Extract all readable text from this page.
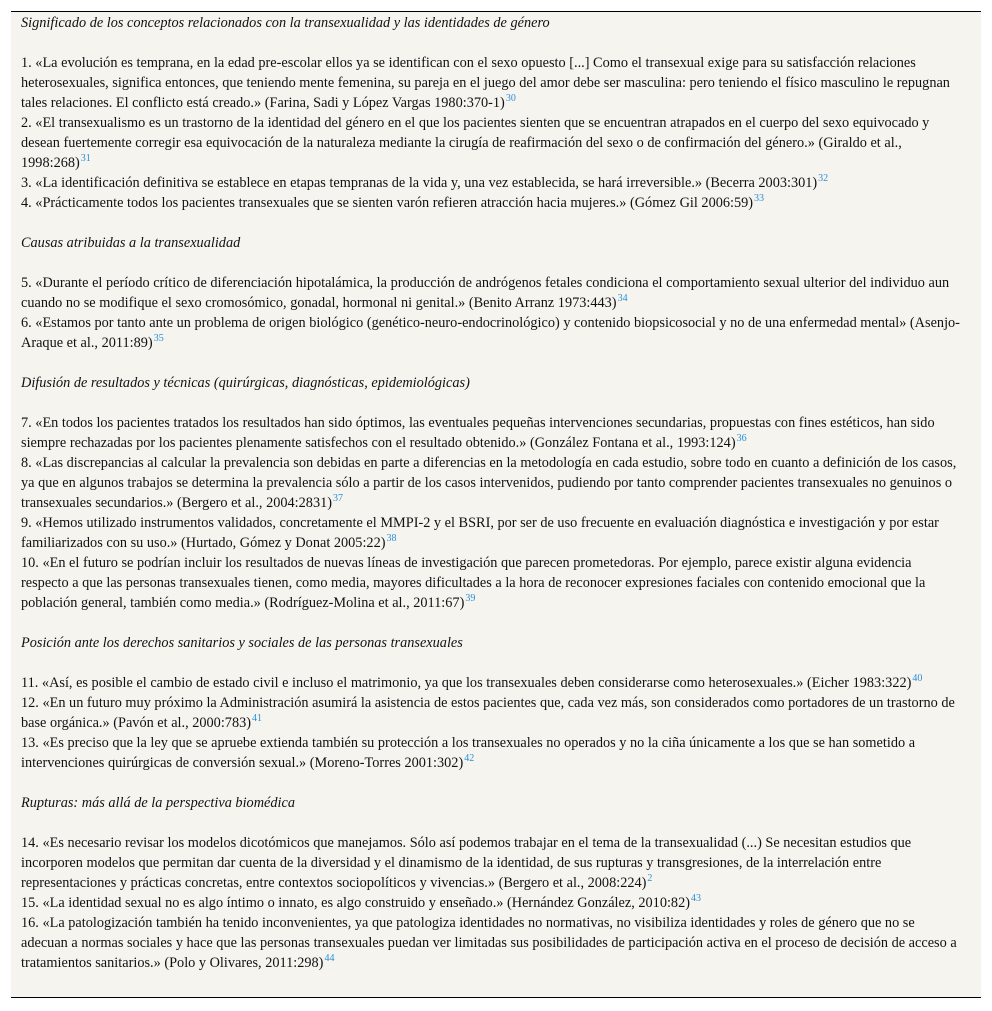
Significado de los conceptos relacionados con la transexualidad y las identidades de género

1. «La evolución es temprana, en la edad pre-escolar ellos ya se identifican con el sexo opuesto [...] Como el transexual exige para su satisfacción relaciones heterosexuales, significa entonces, que teniendo mente femenina, su pareja en el juego del amor debe ser masculina: pero teniendo el físico masculino le repugnan tales relaciones. El conflicto está creado.» (Farina, Sadi y López Vargas 1980:370-1)$^{30}$

2. «El transexualismo es un trastorno de la identidad del género en el que los pacientes sienten que se encuentran atrapados en el cuerpo del sexo equivocado y desean fuertemente corregir esa equivocación de la naturaleza mediante la cirugía de reafirmación del sexo o de confirmación del género.» (Giraldo et al., 1998:268)$^{31}$

3. «La identificación definitiva se establece en etapas tempranas de la vida y, una vez establecida, se hará irreversible.» (Becerra 2003:301)$^{32}$

4. «Prácticamente todos los pacientes transexuales que se sienten varón refieren atracción hacia mujeres.» (Gómez Gil 2006:59)$^{33}$

Causas atribuidas a la transexualidad

5. «Durante el período crítico de diferenciación hipotalámica, la producción de andrógenos fetales condiciona el comportamiento sexual ulterior del individuo aun cuando no se modifique el sexo cromosómico, gonadal, hormonal ni genital.» (Benito Arranz 1973:443)$^{34}$

6. «Estamos por tanto ante un problema de origen biológico (genético-neuro-endocrinológico) y contenido biopsicosocial y no de una enfermedad mental» (Asenjo- Araque et al., 2011:89)$^{35}$

Difusión de resultados y técnicas (quirúrgicas, diagnósticas, epidemiológicas)

7. «En todos los pacientes tratados los resultados han sido óptimos, las eventuales pequeñas intervenciones secundarias, propuestas con fines estéticos, han sido siempre rechazadas por los pacientes plenamente satisfechos con el resultado obtenido.» (González Fontana et al., 1993:124)$^{36}$

8. «Las discrepancias al calcular la prevalencia son debidas en parte a diferencias en la metodología en cada estudio, sobre todo en cuanto a definición de los casos, ya que en algunos trabajos se determina la prevalencia sólo a partir de los casos intervenidos, pudiendo por tanto comprender pacientes transexuales no genuinos o transexuales secundarios.» (Bergero et al., 2004:2831)$^{37}$

9. «Hemos utilizado instrumentos validados, concretamente el MMPI-2 y el BSRI, por ser de uso frecuente en evaluación diagnóstica e investigación y por estar familiarizados con su uso.» (Hurtado, Gómez y Donat 2005:22)$^{38}$

10. «En el futuro se podrían incluir los resultados de nuevas líneas de investigación que parecen prometedoras. Por ejemplo, parece existir alguna evidencia respecto a que las personas transexuales tienen, como media, mayores dificultades a la hora de reconocer expresiones faciales con contenido emocional que la población general, también como media.» (Rodríguez-Molina et al., 2011:67)$^{39}$

Posición ante los derechos sanitarios y sociales de las personas transexuales

11. «Así, es posible el cambio de estado civil e incluso el matrimonio, ya que los transexuales deben considerarse como heterosexuales.» (Eicher 1983:322)$^{40}$

12. «En un futuro muy próximo la Administración asumirá la asistencia de estos pacientes que, cada vez más, son considerados como portadores de un trastorno de base orgánica.» (Pavón et al., 2000:783)$^{41}$

13. «Es preciso que la ley que se apruebe extienda también su protección a los transexuales no operados y no la ciña únicamente a los que se han sometido a intervenciones quirúrgicas de conversión sexual.» (Moreno-Torres 2001:302)$^{42}$

Rupturas: más allá de la perspectiva biomédica

14. «Es necesario revisar los modelos dicotómicos que manejamos. Sólo así podemos trabajar en el tema de la transexualidad (...) Se necesitan estudios que incorporen modelos que permitan dar cuenta de la diversidad y el dinamismo de la identidad, de sus rupturas y transgresiones, de la interrelación entre representaciones y prácticas concretas, entre contextos sociopolíticos y vivencias.» (Bergero et al., 2008:224)$^2$

15. «La identidad sexual no es algo íntimo o innato, es algo construido y enseñado.» (Hernández González, 2010:82)$^{43}$

16. «La patologización también ha tenido inconvenientes, ya que patologiza identidades no normativas, no visibiliza identidades y roles de género que no se adecuan a normas sociales y hace que las personas transexuales puedan ver limitadas sus posibilidades de participación activa en el proceso de decisión de acceso a tratamientos sanitarios.» (Polo y Olivares, 2011:298)$^{44}$
